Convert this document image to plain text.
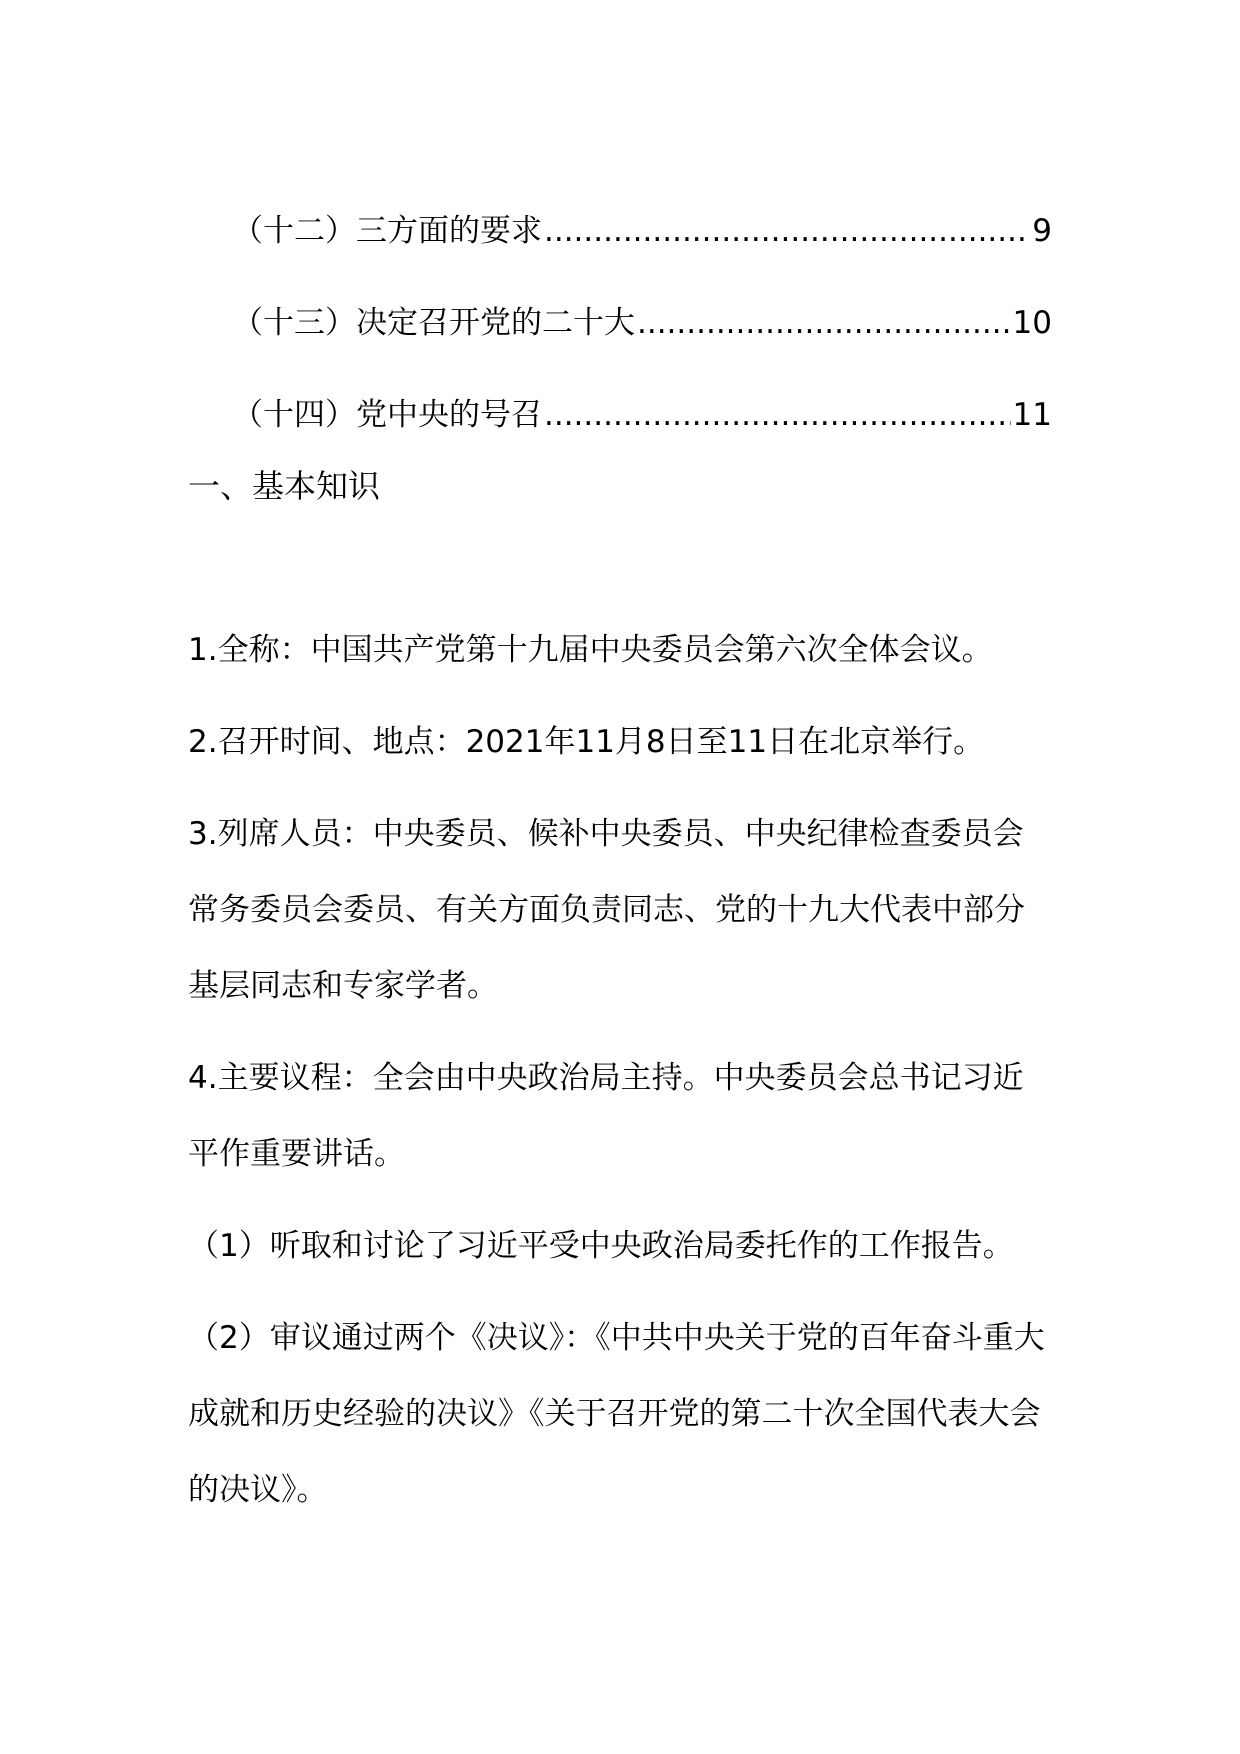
（十二）三方面的要求 .....	9
（十三）决定召开党的二十大 .....	10
（十四）党中央的号召 .....	11
一、基本知识

1.全称：中国共产党第十九届中央委员会第六次全体会议。

2.召开时间、地点：2021年11月8日至11日在北京举行。

3.列席人员：中央委员、候补中央委员、中央纪律检查委员会常务委员会委员、有关方面负责同志、党的十九大代表中部分基层同志和专家学者。

4.主要议程：全会由中央政治局主持。中央委员会总书记习近平作重要讲话。

（1）听取和讨论了习近平受中央政治局委托作的工作报告。

（2）审议通过两个《决议》：《中共中央关于党的百年奋斗重大成就和历史经验的决议》《关于召开党的第二十次全国代表大会的决议》。
